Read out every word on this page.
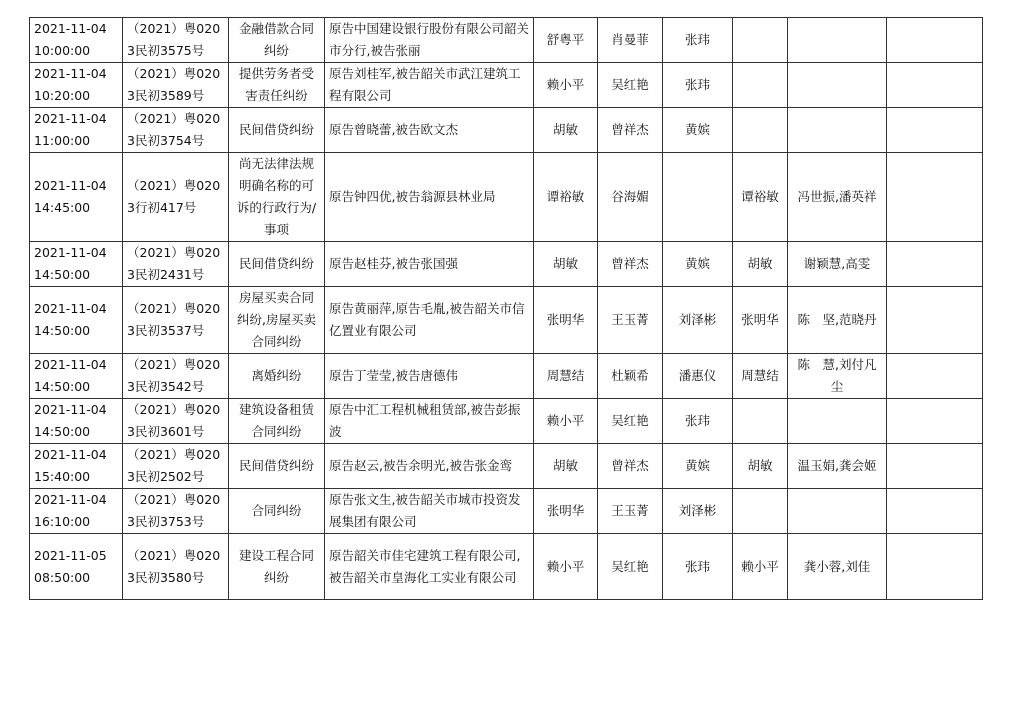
2021-11-04 10:00:00	（2021）粤0203民初3575号	金融借款合同纠纷	原告中国建设银行股份有限公司韶关市分行,被告张丽	舒粤平	肖曼菲	张玮			
2021-11-04 10:20:00	（2021）粤0203民初3589号	提供劳务者受害责任纠纷	原告刘桂军,被告韶关市武江建筑工程有限公司	赖小平	吴红艳	张玮			
2021-11-04 11:00:00	（2021）粤0203民初3754号	民间借贷纠纷	原告曾晓蕾,被告欧文杰	胡敏	曾祥杰	黄嫔			
2021-11-04 14:45:00	（2021）粤0203行初417号	尚无法律法规明确名称的可诉的行政行为/事项	原告钟四优,被告翁源县林业局	谭裕敏	谷海媚		谭裕敏	冯世振,潘英祥	
2021-11-04 14:50:00	（2021）粤0203民初2431号	民间借贷纠纷	原告赵桂芬,被告张国强	胡敏	曾祥杰	黄嫔	胡敏	谢颖慧,高雯	
2021-11-04 14:50:00	（2021）粤0203民初3537号	房屋买卖合同纠纷,房屋买卖合同纠纷	原告黄丽萍,原告毛胤,被告韶关市信亿置业有限公司	张明华	王玉菁	刘泽彬	张明华	陈　坚,范晓丹	
2021-11-04 14:50:00	（2021）粤0203民初3542号	离婚纠纷	原告丁莹莹,被告唐德伟	周慧结	杜颖希	潘惠仪	周慧结	陈　慧,刘付凡尘	
2021-11-04 14:50:00	（2021）粤0203民初3601号	建筑设备租赁合同纠纷	原告中汇工程机械租赁部,被告彭振波	赖小平	吴红艳	张玮			
2021-11-04 15:40:00	（2021）粤0203民初2502号	民间借贷纠纷	原告赵云,被告余明光,被告张金鸾	胡敏	曾祥杰	黄嫔	胡敏	温玉娟,龚会姬	
2021-11-04 16:10:00	（2021）粤0203民初3753号	合同纠纷	原告张文生,被告韶关市城市投资发展集团有限公司	张明华	王玉菁	刘泽彬			
2021-11-05 08:50:00	（2021）粤0203民初3580号	建设工程合同纠纷	原告韶关市佳宅建筑工程有限公司,被告韶关市皇海化工实业有限公司	赖小平	吴红艳	张玮	赖小平	龚小蓉,刘佳	
